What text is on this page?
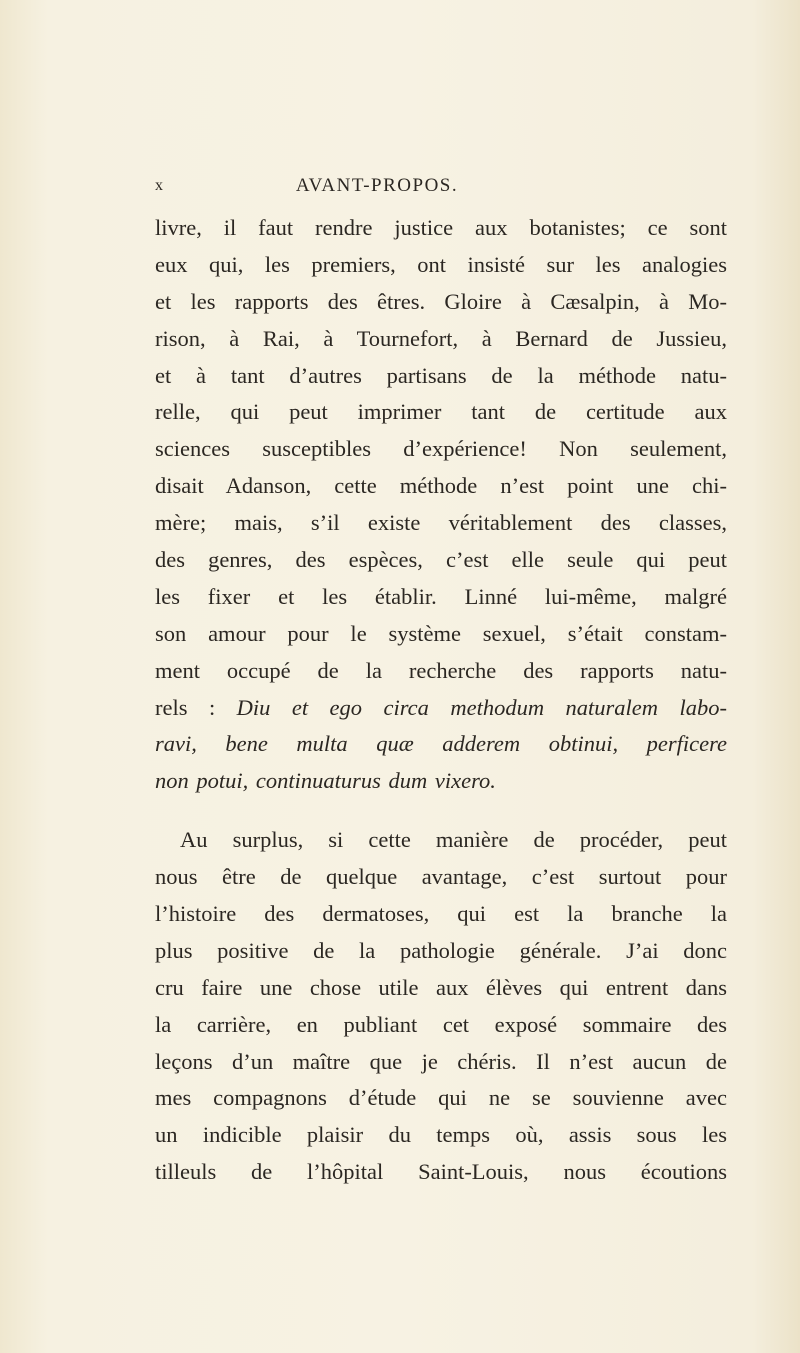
x	AVANT-PROPOS.
livre, il faut rendre justice aux botanistes; ce sont
eux qui, les premiers, ont insisté sur les analogies
et les rapports des êtres. Gloire à Cæsalpin, à Mo-
rison, à Rai, à Tournefort, à Bernard de Jussieu,
et à tant d’autres partisans de la méthode natu-
relle, qui peut imprimer tant de certitude aux
sciences susceptibles d’expérience! Non seulement,
disait Adanson, cette méthode n’est point une chi-
mère; mais, s’il existe véritablement des classes,
des genres, des espèces, c’est elle seule qui peut
les fixer et les établir. Linné lui-même, malgré
son amour pour le système sexuel, s’était constam-
ment occupé de la recherche des rapports natu-
rels : Diu et ego circa methodum naturalem labo-
ravi, bene multa quæ adderem obtinui, perficere
non potui, continuaturus dum vixero.
Au surplus, si cette manière de procéder, peut
nous être de quelque avantage, c’est surtout pour
l’histoire des dermatoses, qui est la branche la
plus positive de la pathologie générale. J’ai donc
cru faire une chose utile aux élèves qui entrent dans
la carrière, en publiant cet exposé sommaire des
leçons d’un maître que je chéris. Il n’est aucun de
mes compagnons d’étude qui ne se souvienne avec
un indicible plaisir du temps où, assis sous les
tilleuls de l’hôpital Saint-Louis, nous écoutions
